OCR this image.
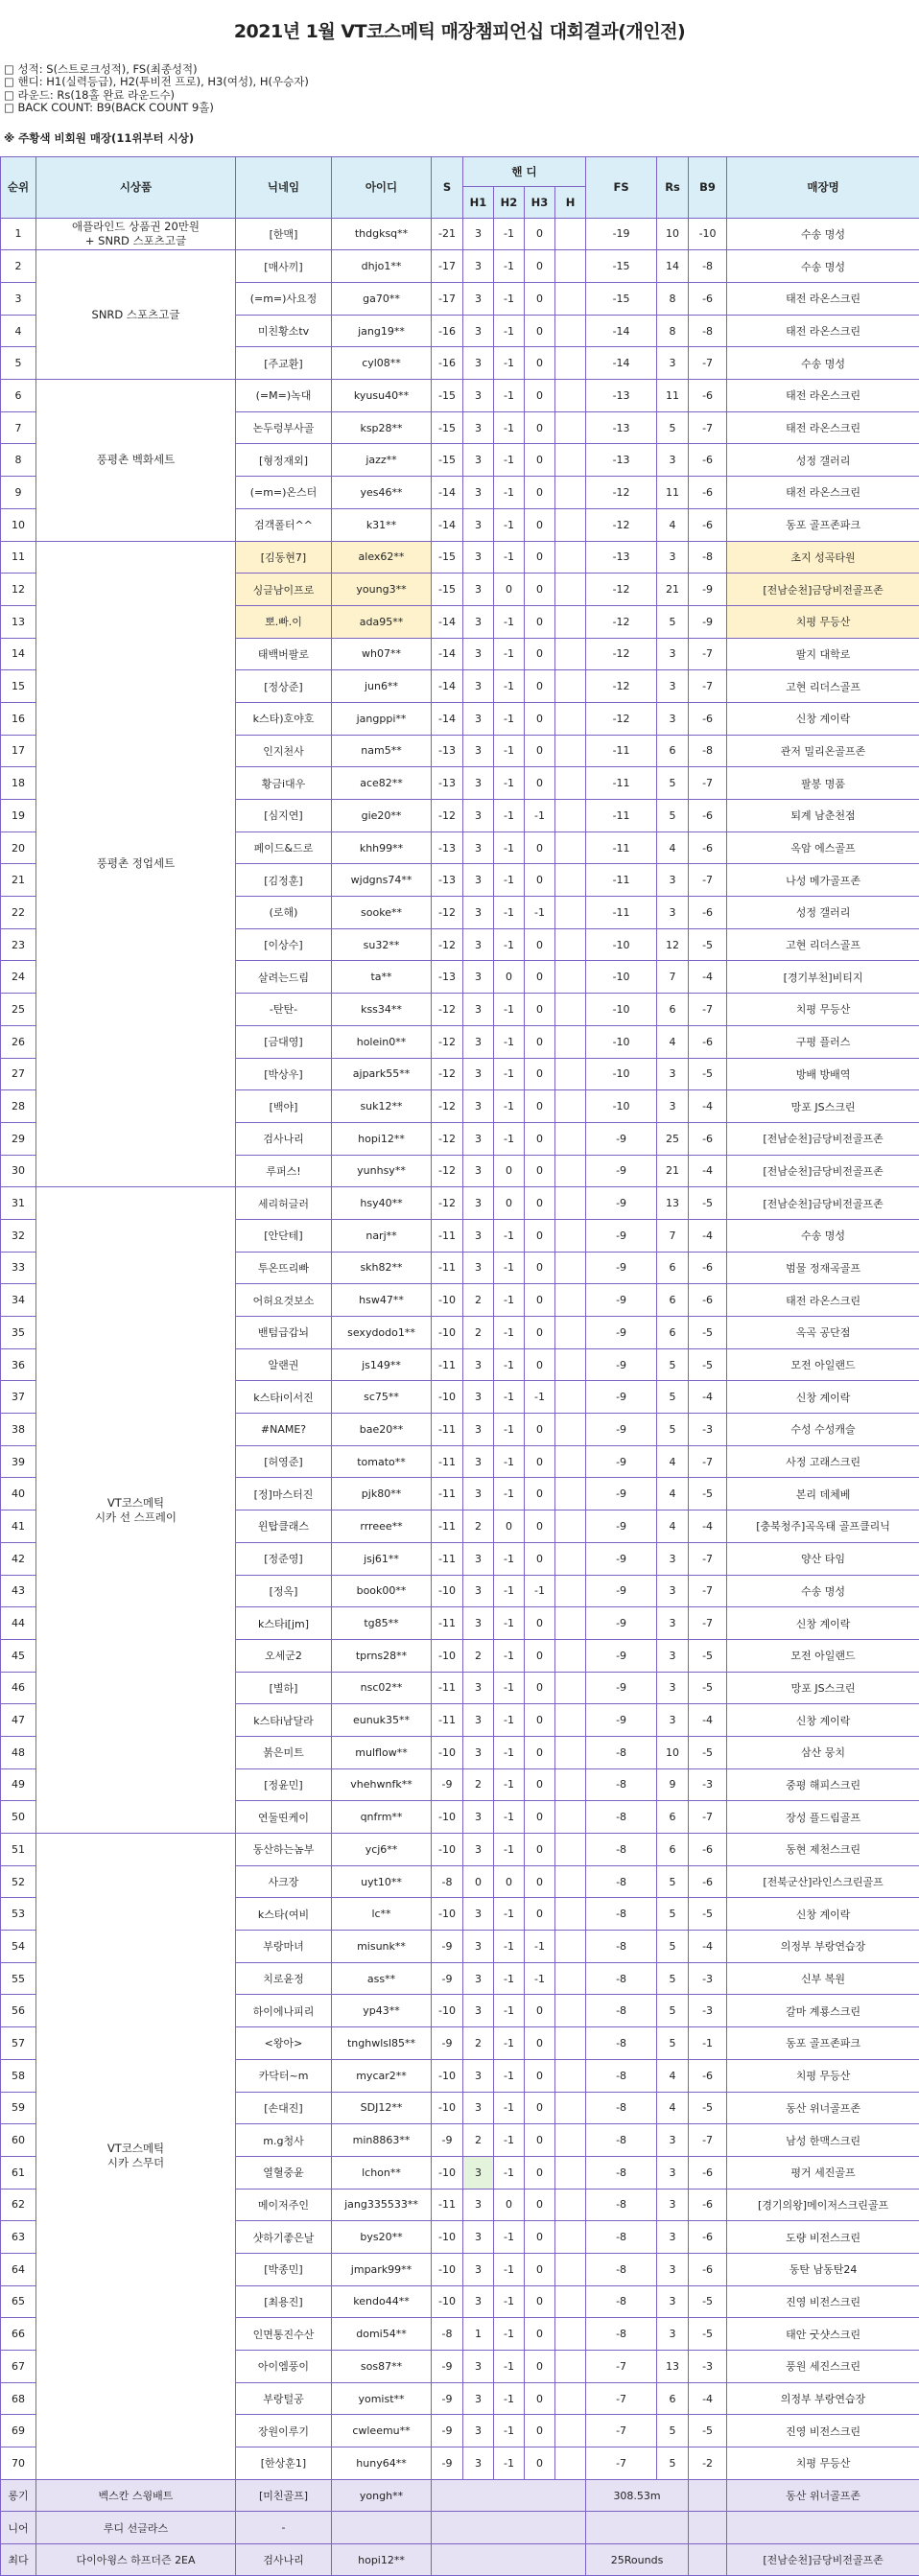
2021년 1월 VT코스메틱 매장챔피언십 대회결과(개인전)
□ 성적: S(스트로크성적), FS(최종성적)
□ 핸디: H1(실력등급), H2(투비전 프로), H3(여성), H(우승자)
□ 라운드: Rs(18홀 완료 라운드수)
□ BACK COUNT: B9(BACK COUNT 9홀)
※ 주황색 비회원 매장(11위부터 시상)
순위	시상품	닉네임	아이디	S	핸 디				FS	Rs	B9	매장명
					H1	H2	H3	H				
1	애플라인드 상품권 20만원
+ SNRD 스포츠고글	[한맥]	thdgksq**	-21	3	-1	0		-19	10	-10	수송 명성
2	SNRD 스포츠고글	[매사끼]	dhjo1**	-17	3	-1	0		-15	14	-8	수송 명성
3		(=m=)사요정	ga70**	-17	3	-1	0		-15	8	-6	태전 라온스크린
4		미친황소tv	jang19**	-16	3	-1	0		-14	8	-8	태전 라온스크린
5		[주교환]	cyl08**	-16	3	-1	0		-14	3	-7	수송 명성
6	풍평촌 벡화세트	(=M=)녹대	kyusu40**	-15	3	-1	0		-13	11	-6	태전 라온스크린
7		논두렁부사골	ksp28**	-15	3	-1	0		-13	5	-7	태전 라온스크린
8		[형정재외]	jazz**	-15	3	-1	0		-13	3	-6	성정 갤러리
9		(=m=)온스터	yes46**	-14	3	-1	0		-12	11	-6	태전 라온스크린
10		검객폴터^^	k31**	-14	3	-1	0		-12	4	-6	동포 골프존파크
11	풍평촌 정업세트	[김동현7]	alex62**	-15	3	-1	0		-13	3	-8	초지 성곡타원
12		싱글남이프로	young3**	-15	3	0	0		-12	21	-9	[전남순천]금당비전골프존
13		뽀.빠.이	ada95**	-14	3	-1	0		-12	5	-9	치평 무등산
14		태백버팔로	wh07**	-14	3	-1	0		-12	3	-7	팔지 대학로
15		[정상준]	jun6**	-14	3	-1	0		-12	3	-7	고현 리더스골프
16		k스타)호야호	jangppi**	-14	3	-1	0		-12	3	-6	신창 계이락
17		인지천사	nam5**	-13	3	-1	0		-11	6	-8	관저 밀리온골프존
18		황금i대우	ace82**	-13	3	-1	0		-11	5	-7	팔봉 명품
19		[심지연]	gie20**	-12	3	-1	-1		-11	5	-6	퇴계 남춘천점
20		페이드&드로	khh99**	-13	3	-1	0		-11	4	-6	옥암 에스골프
21		[김정훈]	wjdgns74**	-13	3	-1	0		-11	3	-7	나성 메가골프존
22		(로해)	sooke**	-12	3	-1	-1		-11	3	-6	성정 갤러리
23		[이상수]	su32**	-12	3	-1	0		-10	12	-5	고현 리더스골프
24		살려는드림	ta**	-13	3	0	0		-10	7	-4	[경기부천]비티지
25		-탄탄-	kss34**	-12	3	-1	0		-10	6	-7	치평 무등산
26		[금대영]	holein0**	-12	3	-1	0		-10	4	-6	구평 플러스
27		[박상우]	ajpark55**	-12	3	-1	0		-10	3	-5	방배 방배역
28		[백야]	suk12**	-12	3	-1	0		-10	3	-4	망포 JS스크린
29		검사나리	hopi12**	-12	3	-1	0		-9	25	-6	[전남순천]금당비전골프존
30		루퍼스!	yunhsy**	-12	3	0	0		-9	21	-4	[전남순천]금당비전골프존
31	VT코스메틱
시카 선 스프레이	세리허글러	hsy40**	-12	3	0	0		-9	13	-5	[전남순천]금당비전골프존
32		[안단테]	narj**	-11	3	-1	0		-9	7	-4	수송 명성
33		투온뜨리빠	skh82**	-11	3	-1	0		-9	6	-6	범물 정재곡골프
34		어허요것보소	hsw47**	-10	2	-1	0		-9	6	-6	태전 라온스크린
35		밴텀급갑뇌	sexydodo1**	-10	2	-1	0		-9	6	-5	옥곡 공단점
36		알랜권	js149**	-11	3	-1	0		-9	5	-5	모전 아일랜드
37		k스타i이서진	sc75**	-10	3	-1	-1		-9	5	-4	신창 계이락
38		#NAME?	bae20**	-11	3	-1	0		-9	5	-3	수성 수성캐슬
39		[허영준]	tomato**	-11	3	-1	0		-9	4	-7	사정 고래스크린
40		[정]마스터진	pjk80**	-11	3	-1	0		-9	4	-5	본리 데체베
41		윈탑클래스	rrreee**	-11	2	0	0		-9	4	-4	[충북청주]곡옥태 골프클리닉
42		[정준영]	jsj61**	-11	3	-1	0		-9	3	-7	양산 타임
43		[정옥]	book00**	-10	3	-1	-1		-9	3	-7	수송 명성
44		k스타i[jm]	tg85**	-11	3	-1	0		-9	3	-7	신창 계이락
45		오세군2	tprns28**	-10	2	-1	0		-9	3	-5	모전 아일랜드
46		[별하]	nsc02**	-11	3	-1	0		-9	3	-5	망포 JS스크린
47		k스타i남달라	eunuk35**	-11	3	-1	0		-9	3	-4	신창 계이락
48		붉은미트	mulflow**	-10	3	-1	0		-8	10	-5	삼산 뭉치
49		[정윤민]	vhehwnfk**	-9	2	-1	0		-8	9	-3	중평 해피스크린
50		연둘띤케이	qnfrm**	-10	3	-1	0		-8	6	-7	장성 플드림골프
51	VT코스메틱
시카 스무더	동산하는놈부	ycj6**	-10	3	-1	0		-8	6	-6	동현 제천스크린
52		사크장	uyt10**	-8	0	0	0		-8	5	-6	[전북군산]라인스크린골프
53		k스타(여비	lc**	-10	3	-1	0		-8	5	-5	신창 계이락
54		부랑마녀	misunk**	-9	3	-1	-1		-8	5	-4	의정부 부랑연습장
55		치로윤정	ass**	-9	3	-1	-1		-8	5	-3	신부 복원
56		하이에나피리	yp43**	-10	3	-1	0		-8	5	-3	갈마 계룡스크린
57		<왕아>	tnghwlsl85**	-9	2	-1	0		-8	5	-1	동포 골프존파크
58		카닥터~m	mycar2**	-10	3	-1	0		-8	4	-6	치평 무등산
59		[손대진]	SDJ12**	-10	3	-1	0		-8	4	-5	동산 위너골프존
60		m.g청사	min8863**	-9	2	-1	0		-8	3	-7	남성 한맥스크린
61		열혈중윤	lchon**	-10	3	-1	0		-8	3	-6	평거 세진골프
62		메이저주인	jang335533**	-11	3	0	0		-8	3	-6	[경기의왕]메이저스크린골프
63		샷하기좋은날	bys20**	-10	3	-1	0		-8	3	-6	도량 비전스크린
64		[박종민]	jmpark99**	-10	3	-1	0		-8	3	-6	동탄 남동탄24
65		[최용진]	kendo44**	-10	3	-1	0		-8	3	-5	진영 비전스크린
66		인면통진수산	domi54**	-8	1	-1	0		-8	3	-5	태안 굿샷스크린
67		아이엠풍이	sos87**	-9	3	-1	0		-7	13	-3	풍원 세진스크린
68		부랑털공	yomist**	-9	3	-1	0		-7	6	-4	의정부 부랑연습장
69		장원이루기	cwleemu**	-9	3	-1	0		-7	5	-5	진영 비전스크린
70		[한상훈1]	huny64**	-9	3	-1	0		-7	5	-2	치평 무등산
롱기	벡스칸 스윙배트	[미친골프]	yongh**						308.53m			동산 위너골프존
니어	루디 선글라스	-										
최다	다이아윙스 하프더즌 2EA	검사나리	hopi12**						25Rounds			[전남순천]금당비전골프존
